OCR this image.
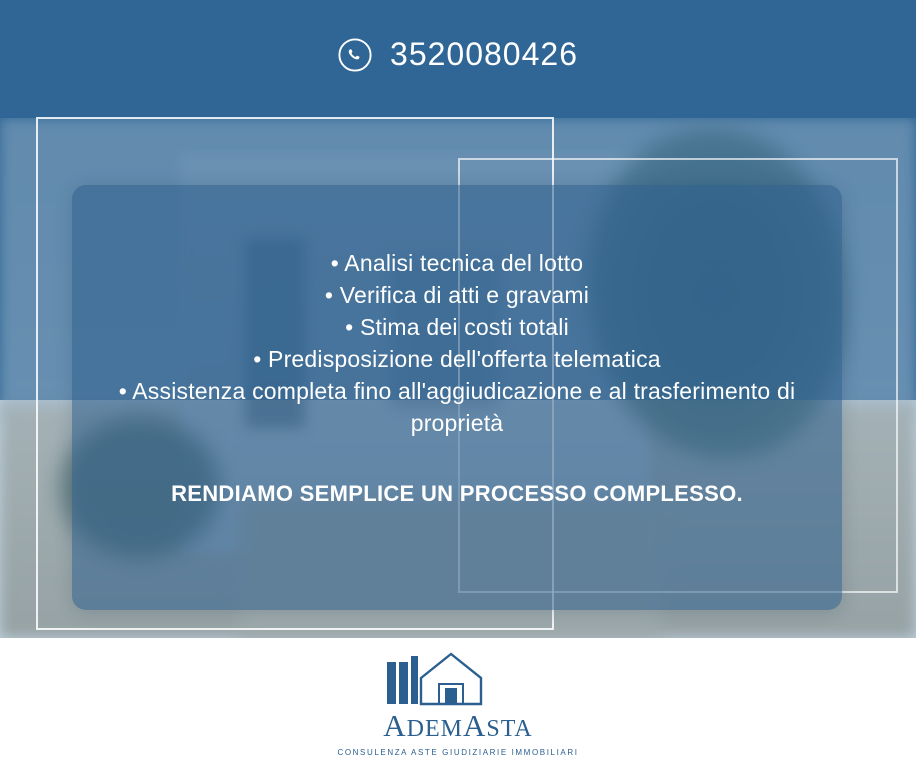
3520080426
• Analisi tecnica del lotto
• Verifica di atti e gravami
• Stima dei costi totali
• Predisposizione dell'offerta telematica
• Assistenza completa fino all'aggiudicazione e al trasferimento di proprietà
RENDIAMO SEMPLICE UN PROCESSO COMPLESSO.
ADEMASTA
CONSULENZA ASTE GIUDIZIARIE IMMOBILIARI
